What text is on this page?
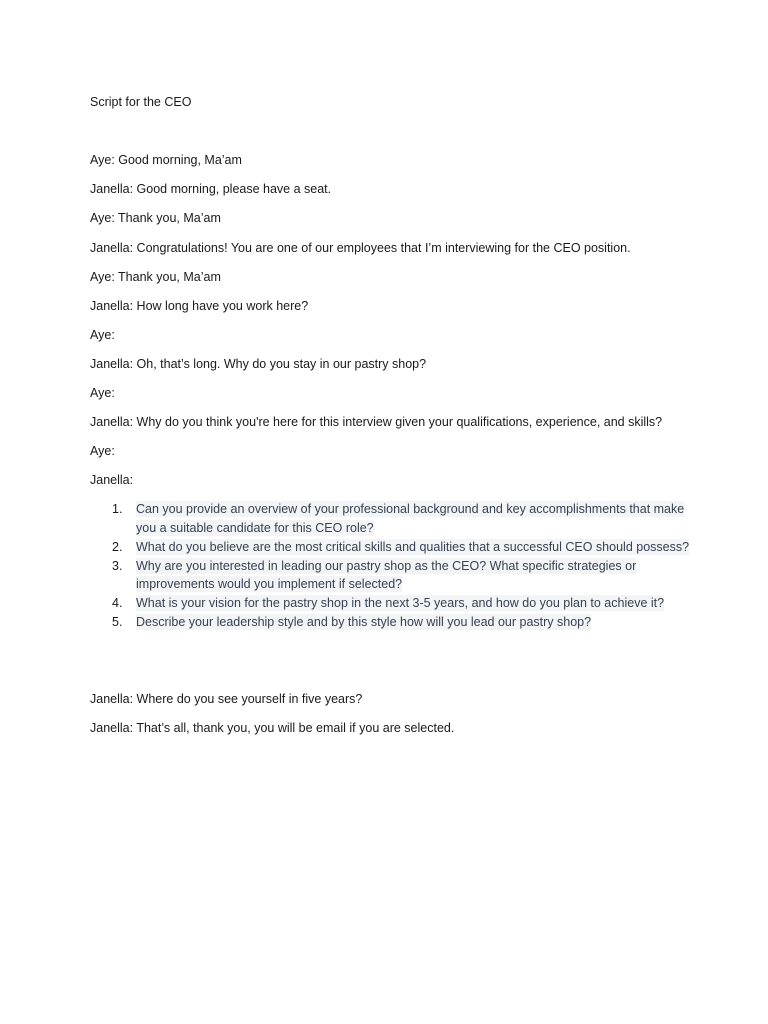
Script for the CEO

Aye: Good morning, Ma’am

Janella: Good morning, please have a seat.

Aye: Thank you, Ma’am

Janella: Congratulations! You are one of our employees that I’m interviewing for the CEO position.

Aye: Thank you, Ma’am

Janella: How long have you work here?

Aye:

Janella: Oh, that’s long. Why do you stay in our pastry shop?

Aye:

Janella: Why do you think you're here for this interview given your qualifications, experience, and skills?

Aye:

Janella:

1. Can you provide an overview of your professional background and key accomplishments that make you a suitable candidate for this CEO role?
2. What do you believe are the most critical skills and qualities that a successful CEO should possess?
3. Why are you interested in leading our pastry shop as the CEO? What specific strategies or improvements would you implement if selected?
4. What is your vision for the pastry shop in the next 3-5 years, and how do you plan to achieve it?
5. Describe your leadership style and by this style how will you lead our pastry shop?

Janella: Where do you see yourself in five years?

Janella: That’s all, thank you, you will be email if you are selected.
